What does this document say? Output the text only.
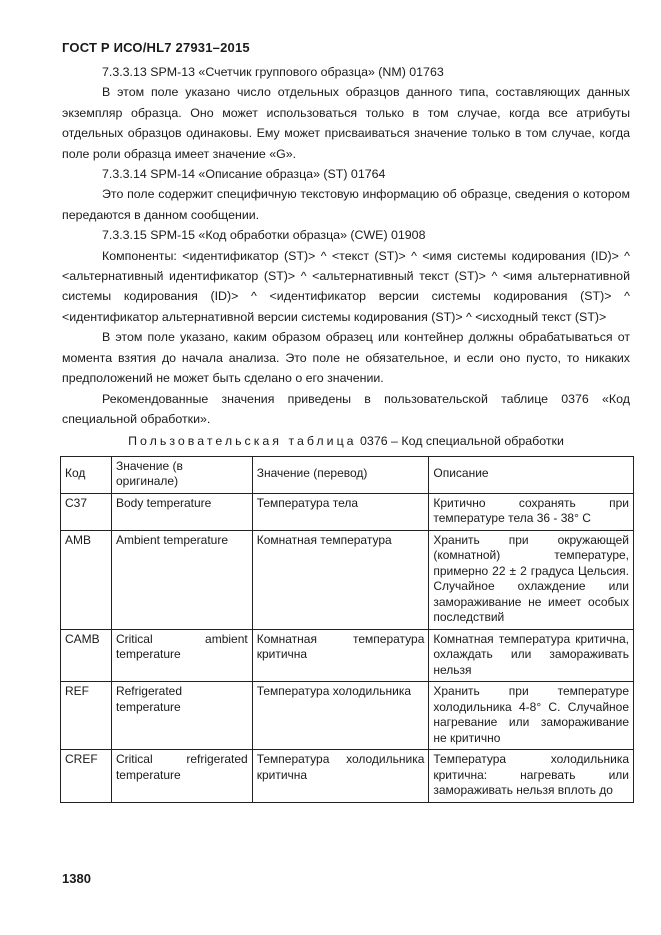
ГОСТ Р ИСО/HL7 27931–2015

7.3.3.13 SPM-13 «Счетчик группового образца» (NM) 01763

В этом поле указано число отдельных образцов данного типа, составляющих данных экземпляр образца. Оно может использоваться только в том случае, когда все атрибуты отдельных образцов одинаковы. Ему может присваиваться значение только в том случае, когда поле роли образца имеет значение «G».

7.3.3.14 SPM-14 «Описание образца» (ST) 01764

Это поле содержит специфичную текстовую информацию об образце, сведения о котором передаются в данном сообщении.

7.3.3.15 SPM-15 «Код обработки образца» (CWE) 01908

Компоненты: <идентификатор (ST)> ^ <текст (ST)> ^ <имя системы кодирования (ID)> ^ <альтернативный идентификатор (ST)> ^ <альтернативный текст (ST)> ^ <имя альтернативной системы кодирования (ID)> ^ <идентификатор версии системы кодирования (ST)> ^ <идентификатор альтернативной версии системы кодирования (ST)> ^ <исходный текст (ST)>

В этом поле указано, каким образом образец или контейнер должны обрабатываться от момента взятия до начала анализа. Это поле не обязательное, и если оно пусто, то никаких предположений не может быть сделано о его значении.

Рекомендованные значения приведены в пользовательской таблице 0376 «Код специальной обработки».

Пользовательская таблица 0376 – Код специальной обработки
Код	Значение (в оригинале)	Значение (перевод)	Описание
C37	Body temperature	Температура тела	Критично сохранять при температуре тела 36 - 38° С
AMB	Ambient temperature	Комнатная температура	Хранить при окружающей (комнатной) температуре, примерно 22 ± 2 градуса Цельсия. Случайное охлаждение или замораживание не имеет особых последствий
CAMB	Critical ambient temperature	Комнатная температура критична	Комнатная температура критична, охлаждать или замораживать нельзя
REF	Refrigerated temperature	Температура холодильника	Хранить при температуре холодильника 4-8° С. Случайное нагревание или замораживание не критично
CREF	Critical refrigerated temperature	Температура холодильника критична	Температура холодильника критична: нагревать или замораживать нельзя вплоть до
1380
